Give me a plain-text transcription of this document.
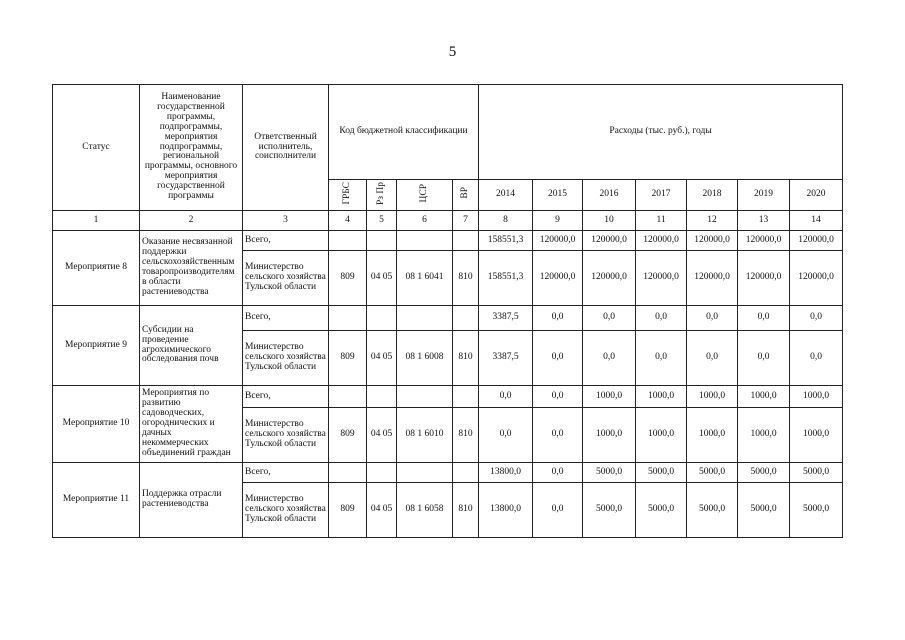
5
Статус	Наименование государственной программы, подпрограммы, мероприятия подпрограммы, региональной программы, основного мероприятия государственной программы	Ответственный исполнитель, соисполнители	Код бюджетной классификации				Расходы (тыс. руб.), годы						
			ГРБС	Рз Пр	ЦСР	ВР	2014	2015	2016	2017	2018	2019	2020
1	2	3	4	5	6	7	8	9	10	11	12	13	14
Мероприятие 8	Оказание несвязанной поддержки сельскохозяйственным товаропроизводителям в области растениеводства	Всего,					158551,3	120000,0	120000,0	120000,0	120000,0	120000,0	120000,0
		Министерство сельского хозяйства Тульской области	809	04 05	08 1 6041	810	158551,3	120000,0	120000,0	120000,0	120000,0	120000,0	120000,0
Мероприятие 9	Субсидии на проведение агрохимического обследования почв	Всего,					3387,5	0,0	0,0	0,0	0,0	0,0	0,0
		Министерство сельского хозяйства Тульской области	809	04 05	08 1 6008	810	3387,5	0,0	0,0	0,0	0,0	0,0	0,0
Мероприятие 10	Мероприятия по развитию садоводческих, огороднических и дачных некоммерческих объединений граждан	Всего,					0,0	0,0	1000,0	1000,0	1000,0	1000,0	1000,0
		Министерство сельского хозяйства Тульской области	809	04 05	08 1 6010	810	0,0	0,0	1000,0	1000,0	1000,0	1000,0	1000,0
Мероприятие 11	Поддержка отрасли растениеводства	Всего,					13800,0	0,0	5000,0	5000,0	5000,0	5000,0	5000,0
		Министерство сельского хозяйства Тульской области	809	04 05	08 1 6058	810	13800,0	0,0	5000,0	5000,0	5000,0	5000,0	5000,0
